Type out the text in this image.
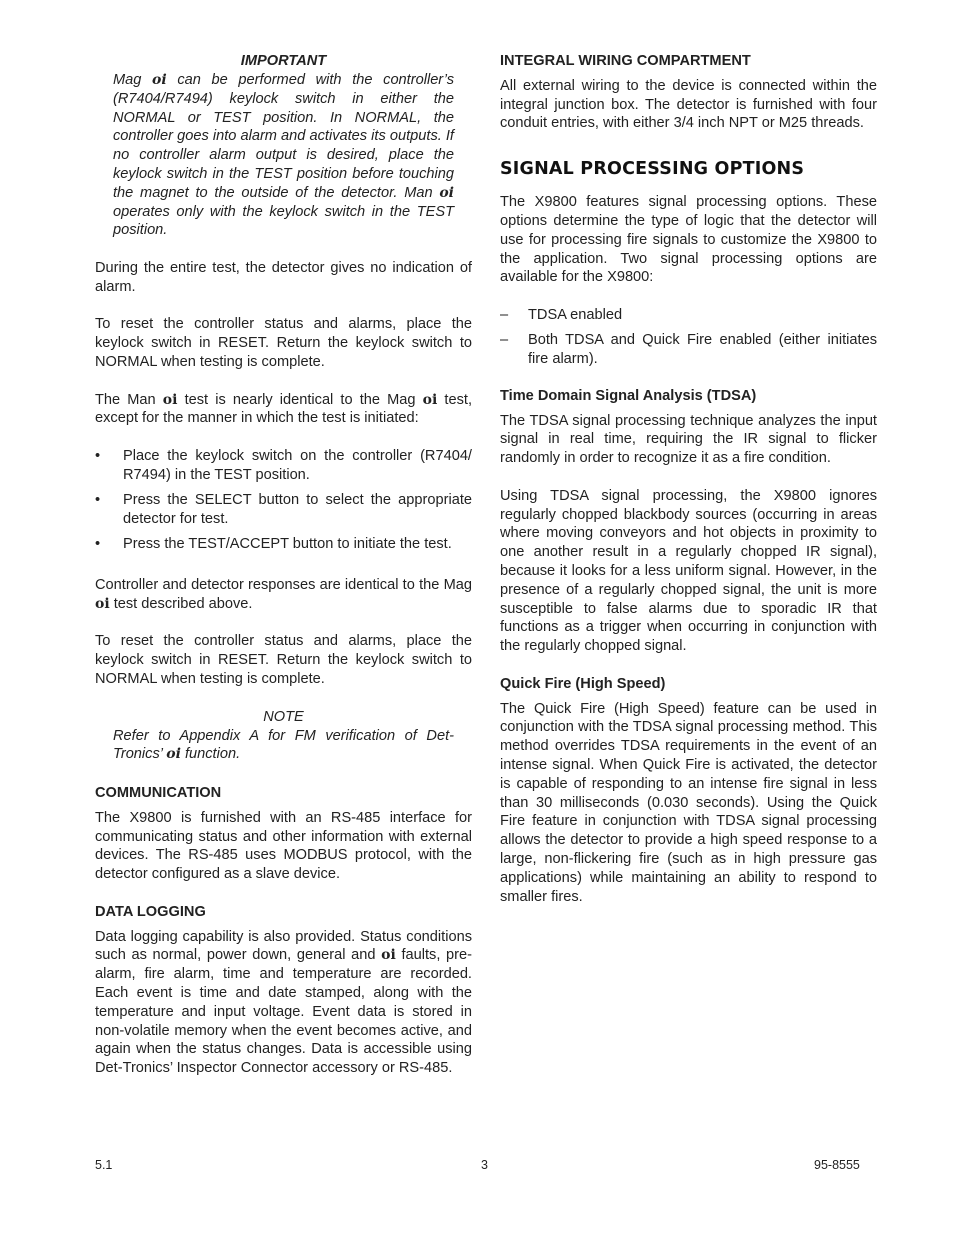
IMPORTANT
Mag oi can be performed with the controller’s (R7404/R7494) keylock switch in either the NORMAL or TEST position. In NORMAL, the controller goes into alarm and activates its outputs. If no controller alarm output is desired, place the keylock switch in the TEST position before touching the magnet to the outside of the detector. Man oi operates only with the keylock switch in the TEST position.

During the entire test, the detector gives no indication of alarm.

To reset the controller status and alarms, place the keylock switch in RESET. Return the keylock switch to NORMAL when testing is complete.

The Man oi test is nearly identical to the Mag oi test, except for the manner in which the test is initiated:

• Place the keylock switch on the controller (R7404/ R7494) in the TEST position.
• Press the SELECT button to select the appropriate detector for test.
• Press the TEST/ACCEPT button to initiate the test.

Controller and detector responses are identical to the Mag oi test described above.

To reset the controller status and alarms, place the keylock switch in RESET. Return the keylock switch to NORMAL when testing is complete.

NOTE
Refer to Appendix A for FM verification of Det-Tronics’ oi function.
COMMUNICATION

The X9800 is furnished with an RS-485 interface for communicating status and other information with external devices. The RS-485 uses MODBUS protocol, with the detector configured as a slave device.

DATA LOGGING

Data logging capability is also provided. Status conditions such as normal, power down, general and oi faults, pre-alarm, fire alarm, time and temperature are recorded. Each event is time and date stamped, along with the temperature and input voltage. Event data is stored in non-volatile memory when the event becomes active, and again when the status changes. Data is accessible using Det-Tronics’ Inspector Connector accessory or RS-485.

INTEGRAL WIRING COMPARTMENT

All external wiring to the device is connected within the integral junction box. The detector is furnished with four conduit entries, with either 3/4 inch NPT or M25 threads.

SIGNAL PROCESSING OPTIONS

The X9800 features signal processing options. These options determine the type of logic that the detector will use for processing fire signals to customize the X9800 to the application. Two signal processing options are available for the X9800:

– TDSA enabled
– Both TDSA and Quick Fire enabled (either initiates fire alarm).
Time Domain Signal Analysis (TDSA)

The TDSA signal processing technique analyzes the input signal in real time, requiring the IR signal to flicker randomly in order to recognize it as a fire condition.

Using TDSA signal processing, the X9800 ignores regularly chopped blackbody sources (occurring in areas where moving conveyors and hot objects in proximity to one another result in a regularly chopped IR signal), because it looks for a less uniform signal. However, in the presence of a regularly chopped signal, the unit is more susceptible to false alarms due to sporadic IR that functions as a trigger when occurring in conjunction with the regularly chopped signal.

Quick Fire (High Speed)

The Quick Fire (High Speed) feature can be used in conjunction with the TDSA signal processing method. This method overrides TDSA requirements in the event of an intense signal. When Quick Fire is activated, the detector is capable of responding to an intense fire signal in less than 30 milliseconds (0.030 seconds). Using the Quick Fire feature in conjunction with TDSA signal processing allows the detector to provide a high speed response to a large, non-flickering fire (such as in high pressure gas applications) while maintaining an ability to respond to smaller fires.

5.1	3	95-8555
